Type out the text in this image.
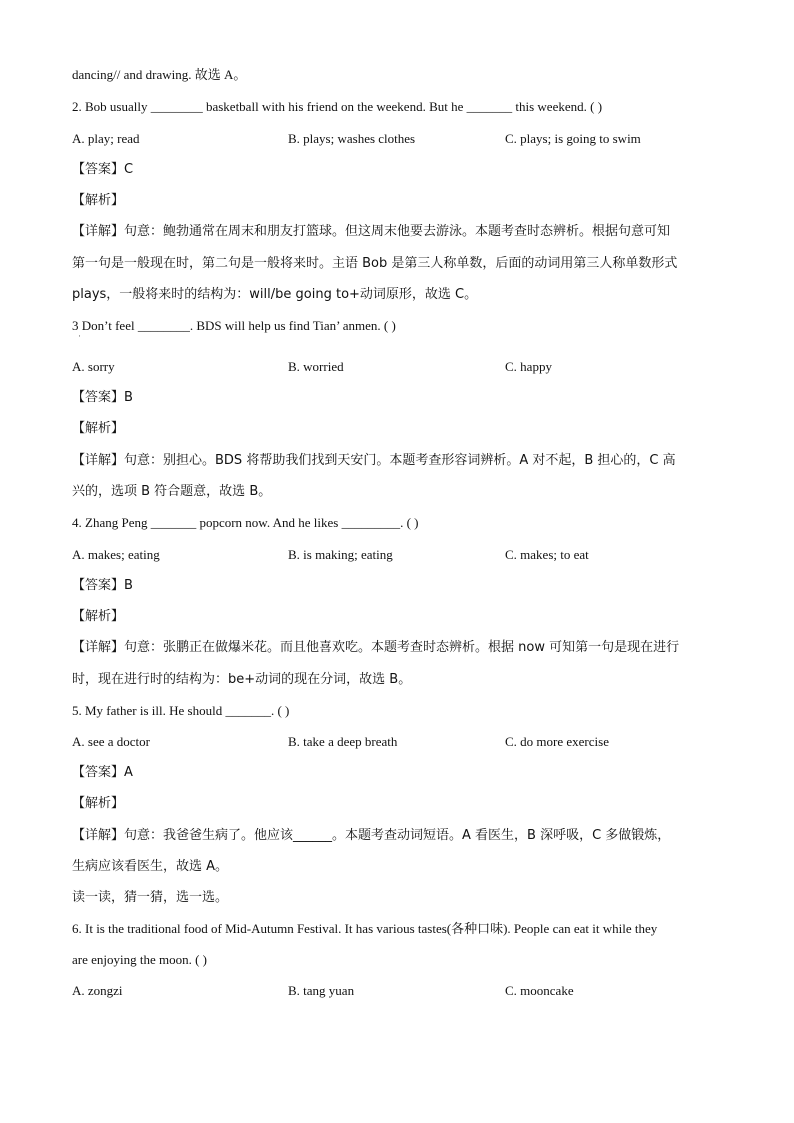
dancing// and drawing. 故选 A。
2. Bob usually ________ basketball with his friend on the weekend. But he _______ this weekend. ( )
A. play; read	B. plays; washes clothes	C. plays; is going to swim
【答案】C
【解析】
【详解】句意：鲍勃通常在周末和朋友打篮球。但这周末他要去游泳。本题考查时态辨析。根据句意可知
第一句是一般现在时，第二句是一般将来时。主语 Bob 是第三人称单数，后面的动词用第三人称单数形式
plays，一般将来时的结构为：will/be going to+动词原形，故选 C。
3 Don’t feel ________. BDS will help us find Tian’ anmen. ( )
·
A. sorry	B. worried	C. happy
【答案】B
【解析】
【详解】句意：别担心。BDS 将帮助我们找到天安门。本题考查形容词辨析。A 对不起，B 担心的，C 高
兴的，选项 B 符合题意，故选 B。
4. Zhang Peng _______ popcorn now. And he likes _________. ( )
A. makes; eating	B. is making; eating	C. makes; to eat
【答案】B
【解析】
【详解】句意：张鹏正在做爆米花。而且他喜欢吃。本题考查时态辨析。根据 now 可知第一句是现在进行
时，现在进行时的结构为：be+动词的现在分词，故选 B。
5. My father is ill. He should _______. ( )
A. see a doctor	B. take a deep breath	C. do more exercise
【答案】A
【解析】
【详解】句意：我爸爸生病了。他应该______。本题考查动词短语。A 看医生，B 深呼吸，C 多做锻炼，
生病应该看医生，故选 A。
读一读，猜一猜，选一选。
6. It is the traditional food of Mid-Autumn Festival. It has various tastes(各种口味). People can eat it while they
are enjoying the moon. ( )
A. zongzi	B. tang yuan	C. mooncake
